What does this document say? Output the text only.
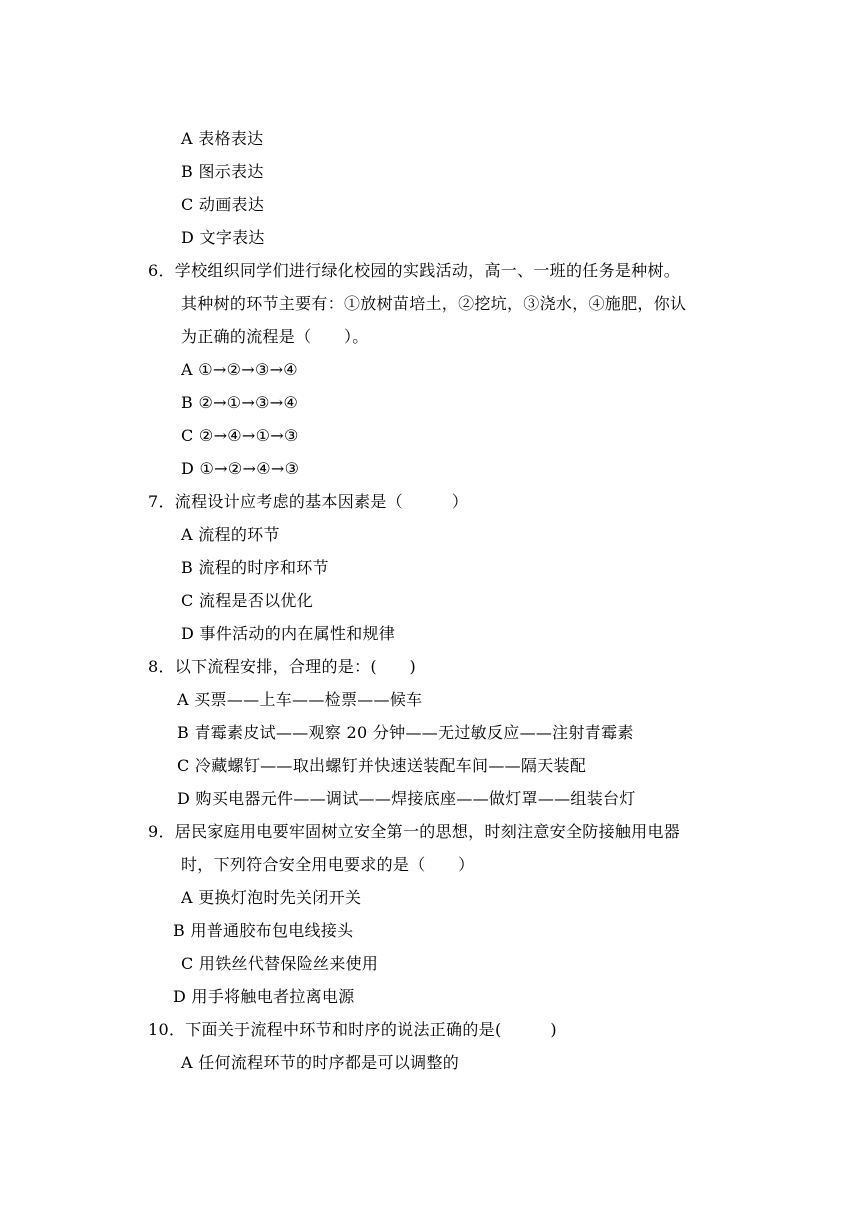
A 表格表达
B 图示表达
C 动画表达
D 文字表达
6．学校组织同学们进行绿化校园的实践活动，高一、一班的任务是种树。
其种树的环节主要有：①放树苗培土，②挖坑，③浇水，④施肥，你认
为正确的流程是（　　）。
A ①→②→③→④
B ②→①→③→④
C ②→④→①→③
D ①→②→④→③
7．流程设计应考虑的基本因素是（　　　）
A 流程的环节
B 流程的时序和环节
C 流程是否以优化
D 事件活动的内在属性和规律
8．以下流程安排，合理的是：(　　)
A 买票——上车——检票——候车
B 青霉素皮试——观察 20 分钟——无过敏反应——注射青霉素
C 冷藏螺钉——取出螺钉并快速送装配车间——隔天装配
D 购买电器元件——调试——焊接底座——做灯罩——组装台灯
9．居民家庭用电要牢固树立安全第一的思想，时刻注意安全防接触用电器
时，下列符合安全用电要求的是（　　）
A 更换灯泡时先关闭开关
B 用普通胶布包电线接头
C 用铁丝代替保险丝来使用
D 用手将触电者拉离电源
10．下面关于流程中环节和时序的说法正确的是(　　　)
A 任何流程环节的时序都是可以调整的
